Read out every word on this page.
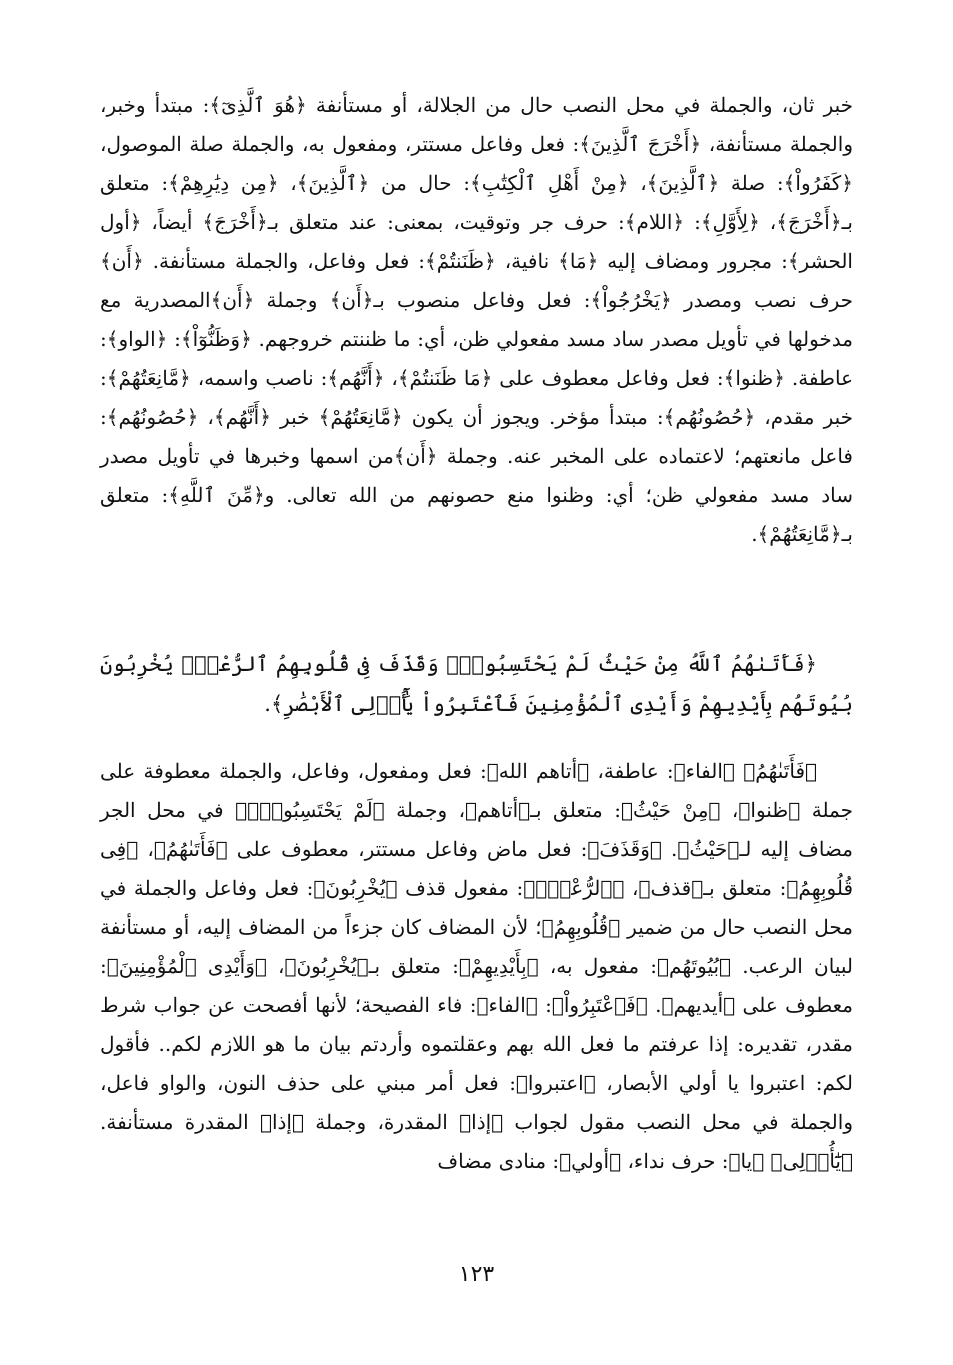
خبر ثان، والجملة في محل النصب حال من الجلالة، أو مستأنفة ﴿هُوَ ٱلَّذِىٓ﴾: مبتدأ وخبر، والجملة مستأنفة، ﴿أَخْرَجَ ٱلَّذِينَ﴾: فعل وفاعل مستتر، ومفعول به، والجملة صلة الموصول، ﴿كَفَرُواْ﴾: صلة ﴿ٱلَّذِينَ﴾، ﴿مِنْ أَهْلِ ٱلْكِتَٰبِ﴾: حال من ﴿ٱلَّذِينَ﴾، ﴿مِن دِيَٰرِهِمْ﴾: متعلق بـ﴿أَخْرَجَ﴾، ﴿لِأَوَّلِ﴾: ﴿اللام﴾: حرف جر وتوقيت، بمعنى: عند متعلق بـ﴿أَخْرَجَ﴾ أيضاً، ﴿أول الحشر﴾: مجرور ومضاف إليه ﴿مَا﴾ نافية، ﴿ظَنَنتُمْ﴾: فعل وفاعل، والجملة مستأنفة. ﴿أَن﴾ حرف نصب ومصدر ﴿يَخْرُجُواْ﴾: فعل وفاعل منصوب بـ﴿أَن﴾ وجملة ﴿أَن﴾المصدرية مع مدخولها في تأويل مصدر ساد مسد مفعولي ظن، أي: ما ظننتم خروجهم. ﴿وَظَنُّوٓاْ﴾: ﴿الواو﴾: عاطفة. ﴿ظنوا﴾: فعل وفاعل معطوف على ﴿مَا ظَنَنتُمْ﴾، ﴿أَنَّهُم﴾: ناصب واسمه، ﴿مَّانِعَتُهُمْ﴾: خبر مقدم، ﴿حُصُونُهُم﴾: مبتدأ مؤخر. ويجوز أن يكون ﴿مَّانِعَتُهُمْ﴾ خبر ﴿أَنَّهُم﴾، ﴿حُصُونُهُم﴾: فاعل مانعتهم؛ لاعتماده على المخبر عنه. وجملة ﴿أَن﴾من اسمها وخبرها في تأويل مصدر ساد مسد مفعولي ظن؛ أي: وظنوا منع حصونهم من الله تعالى. و﴿مِّنَ ٱللَّهِ﴾: متعلق بـ﴿مَّانِعَتُهُمْ﴾.

﴿فَأَتَىٰهُمُ ٱللَّهُ مِنْ حَيْثُ لَمْ يَحْتَسِبُواْۖ وَقَذَفَ فِى قُلُوبِهِمُ ٱلرُّعْبَۚ يُخْرِبُونَ بُيُوتَهُم بِأَيْدِيهِمْ وَأَيْدِى ٱلْمُؤْمِنِينَ فَٱعْتَبِرُواْ يَٰٓأُو۟لِى ٱلْأَبْصَٰرِ﴾.

﴿فَأَتَىٰهُمُ﴾ ﴿الفاء﴾: عاطفة، ﴿أتاهم الله﴾: فعل ومفعول، وفاعل، والجملة معطوفة على جملة ﴿ظنوا﴾، ﴿مِنْ حَيْثُ﴾: متعلق بـ﴿أتاهم﴾، وجملة ﴿لَمْ يَحْتَسِبُواْۖ﴾ في محل الجر مضاف إليه لـ﴿حَيْثُ﴾. ﴿وَقَذَفَ﴾: فعل ماض وفاعل مستتر، معطوف على ﴿فَأَتَىٰهُمُ﴾، ﴿فِى قُلُوبِهِمُ﴾: متعلق بـ﴿قذف﴾، ﴿ٱلرُّعْبَۚ﴾: مفعول قذف ﴿يُخْرِبُونَ﴾: فعل وفاعل والجملة في محل النصب حال من ضمير ﴿قُلُوبِهِمُ﴾؛ لأن المضاف كان جزءاً من المضاف إليه، أو مستأنفة لبيان الرعب. ﴿بُيُوتَهُم﴾: مفعول به، ﴿بِأَيْدِيهِمْ﴾: متعلق بـ﴿يُخْرِبُونَ﴾، ﴿وَأَيْدِى ٱلْمُؤْمِنِينَ﴾: معطوف على ﴿أيديهم﴾. ﴿فَٱعْتَبِرُواْ﴾: ﴿الفاء﴾: فاء الفصيحة؛ لأنها أفصحت عن جواب شرط مقدر، تقديره: إذا عرفتم ما فعل الله بهم وعقلتموه وأردتم بيان ما هو اللازم لكم.. فأقول لكم: اعتبروا يا أولي الأبصار، ﴿اعتبروا﴾: فعل أمر مبني على حذف النون، والواو فاعل، والجملة في محل النصب مقول لجواب ﴿إذا﴾ المقدرة، وجملة ﴿إذا﴾ المقدرة مستأنفة. ﴿يَٰٓأُو۟لِى﴾ ﴿يا﴾: حرف نداء، ﴿أولي﴾: منادى مضاف

١٢٣
